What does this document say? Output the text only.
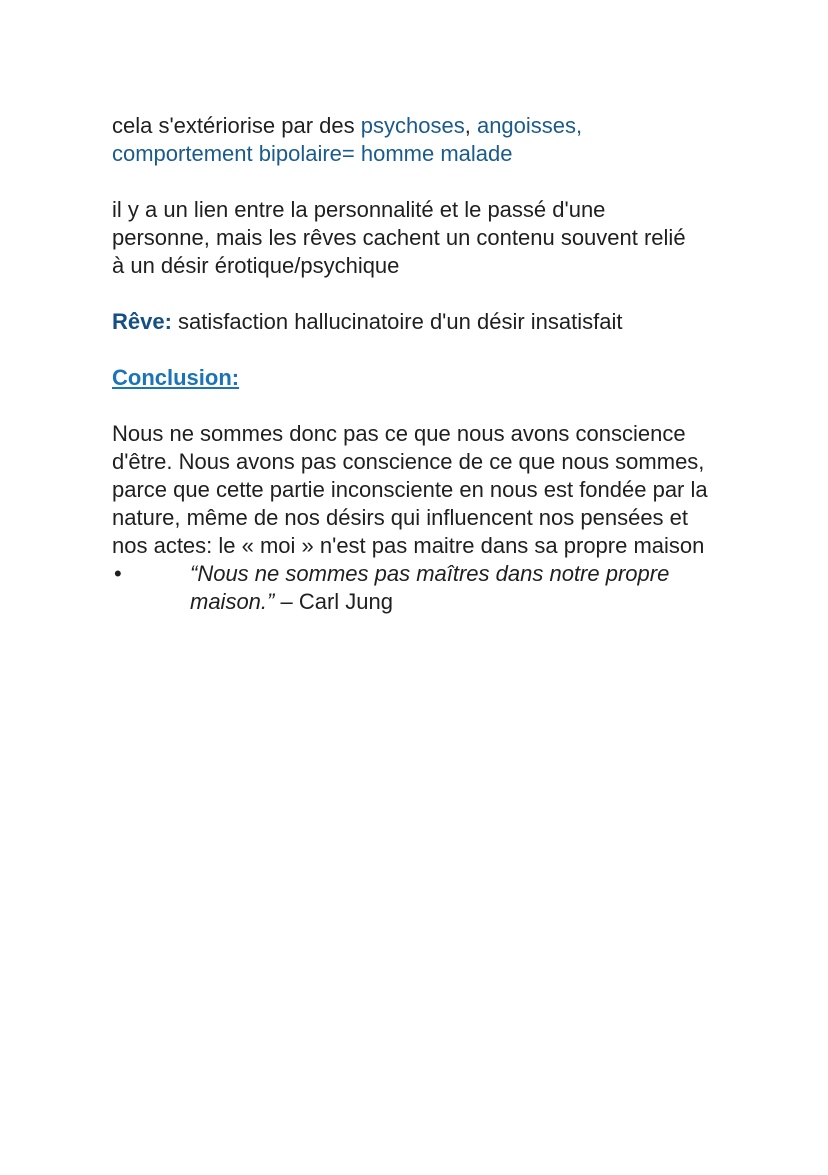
cela s'extériorise par des psychoses, angoisses,
comportement bipolaire= homme malade

il y a un lien entre la personnalité et le passé d'une personne, mais les rêves cachent un contenu souvent relié à un désir érotique/psychique

Rêve: satisfaction hallucinatoire d'un désir insatisfait

Conclusion:

Nous ne sommes donc pas ce que nous avons conscience d'être. Nous avons pas conscience de ce que nous sommes, parce que cette partie inconsciente en nous est fondée par la nature, même de nos désirs qui influencent nos pensées et nos actes: le « moi » n'est pas maitre dans sa propre maison

•	“Nous ne sommes pas maîtres dans notre propre maison.” – Carl Jung
